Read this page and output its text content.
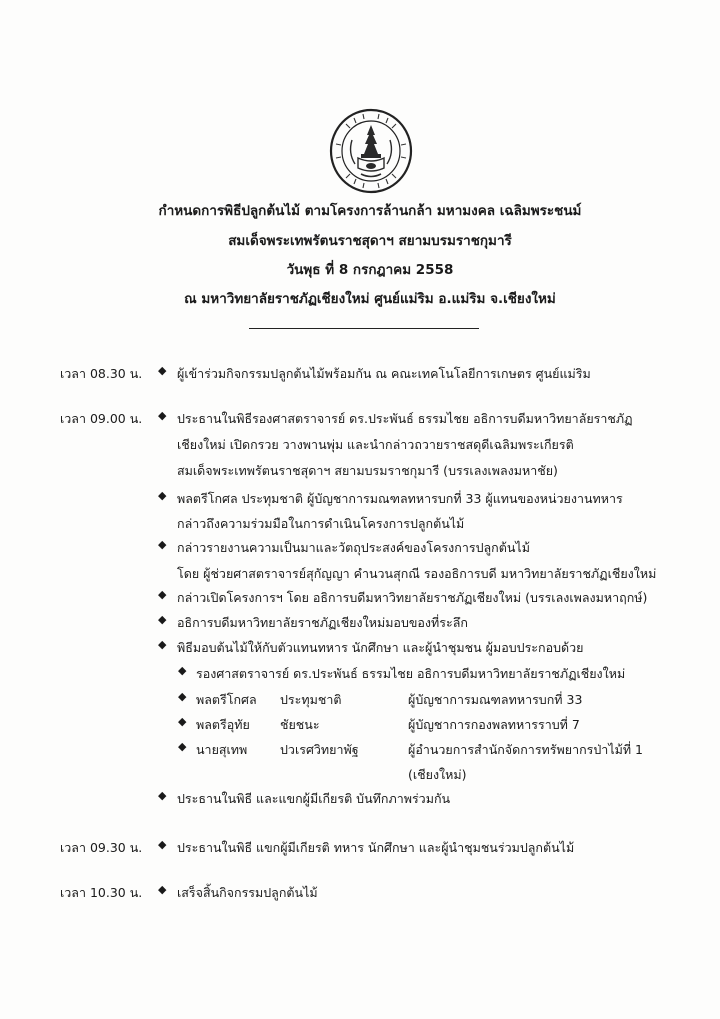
กำหนดการพิธีปลูกต้นไม้ ตามโครงการล้านกล้า มหามงคล เฉลิมพระชนม์
สมเด็จพระเทพรัตนราชสุดาฯ สยามบรมราชกุมารี
วันพุธ ที่ 8 กรกฎาคม 2558
ณ มหาวิทยาลัยราชภัฏเชียงใหม่ ศูนย์แม่ริม อ.แม่ริม จ.เชียงใหม่
เวลา 08.30 น. ◆ ผู้เข้าร่วมกิจกรรมปลูกต้นไม้พร้อมกัน ณ คณะเทคโนโลยีการเกษตร ศูนย์แม่ริม
เวลา 09.00 น. ◆ ประธานในพิธีรองศาสตราจารย์ ดร.ประพันธ์ ธรรมไชย อธิการบดีมหาวิทยาลัยราชภัฏ
เชียงใหม่ เปิดกรวย วางพานพุ่ม และนำกล่าวถวายราชสดุดีเฉลิมพระเกียรติ
สมเด็จพระเทพรัตนราชสุดาฯ สยามบรมราชกุมารี (บรรเลงเพลงมหาชัย)
◆ พลตรีโกศล ประทุมชาติ ผู้บัญชาการมณฑลทหารบกที่ 33 ผู้แทนของหน่วยงานทหาร
กล่าวถึงความร่วมมือในการดำเนินโครงการปลูกต้นไม้
◆ กล่าวรายงานความเป็นมาและวัตถุประสงค์ของโครงการปลูกต้นไม้
โดย ผู้ช่วยศาสตราจารย์สุกัญญา คำนวนสุกณี รองอธิการบดี มหาวิทยาลัยราชภัฏเชียงใหม่
◆ กล่าวเปิดโครงการฯ โดย อธิการบดีมหาวิทยาลัยราชภัฏเชียงใหม่ (บรรเลงเพลงมหาฤกษ์)
◆ อธิการบดีมหาวิทยาลัยราชภัฏเชียงใหม่มอบของที่ระลึก
◆ พิธีมอบต้นไม้ให้กับตัวแทนทหาร นักศึกษา และผู้นำชุมชน ผู้มอบประกอบด้วย
◆ รองศาสตราจารย์ ดร.ประพันธ์ ธรรมไชย อธิการบดีมหาวิทยาลัยราชภัฏเชียงใหม่
◆ พลตรีโกศล ประทุมชาติ	ผู้บัญชาการมณฑลทหารบกที่ 33
◆ พลตรีอุทัย ชัยชนะ	ผู้บัญชาการกองพลทหารราบที่ 7
◆ นายสุเทพ	ปวเรศวิทยาพัฐ	ผู้อำนวยการสำนักจัดการทรัพยากรป่าไม้ที่ 1
(เชียงใหม่)
◆ ประธานในพิธี และแขกผู้มีเกียรติ บันทึกภาพร่วมกัน
เวลา 09.30 น. ◆ ประธานในพิธี แขกผู้มีเกียรติ ทหาร นักศึกษา และผู้นำชุมชนร่วมปลูกต้นไม้
เวลา 10.30 น. ◆ เสร็จสิ้นกิจกรรมปลูกต้นไม้
